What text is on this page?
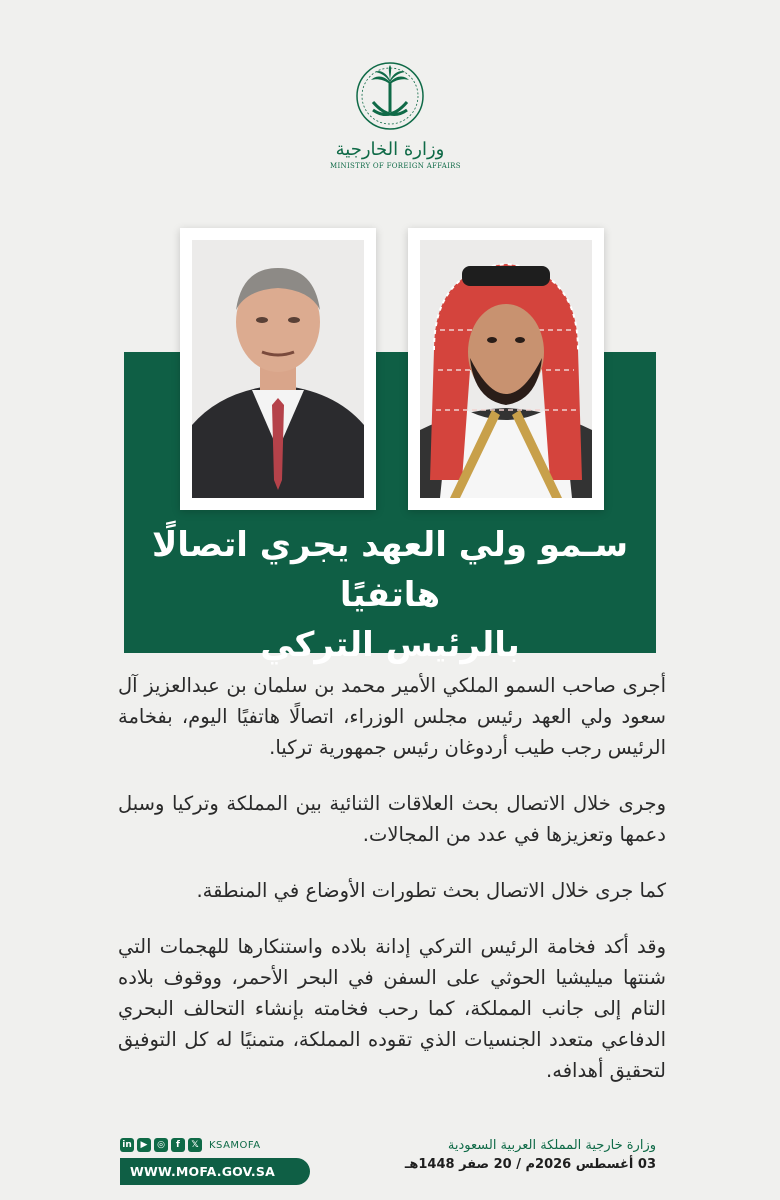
وزارة الخارجية
MINISTRY OF FOREIGN AFFAIRS
سـمو ولي العهد يجري اتصالًا هاتفيًا
بالرئيس التركي

أجرى صاحب السمو الملكي الأمير محمد بن سلمان بن عبدالعزيز آل سعود ولي العهد رئيس مجلس الوزراء، اتصالًا هاتفيًا اليوم، بفخامة الرئيس رجب طيب أردوغان رئيس جمهورية تركيا.

وجرى خلال الاتصال بحث العلاقات الثنائية بين المملكة وتركيا وسبل دعمها وتعزيزها في عدد من المجالات.

كما جرى خلال الاتصال بحث تطورات الأوضاع في المنطقة.

وقد أكد فخامة الرئيس التركي إدانة بلاده واستنكارها للهجمات التي شنتها ميليشيا الحوثي على السفن في البحر الأحمر، ووقوف بلاده التام إلى جانب المملكة، كما رحب فخامته بإنشاء التحالف البحري الدفاعي متعدد الجنسيات الذي تقوده المملكة، متمنيًا له كل التوفيق لتحقيق أهدافه.

in ▶	◎	f	𝕏	KSAMOFA
WWW.MOFA.GOV.SA
وزارة خارجية المملكة العربية السعودية
03 أغسطس 2026م / 20 صفر 1448هـ
